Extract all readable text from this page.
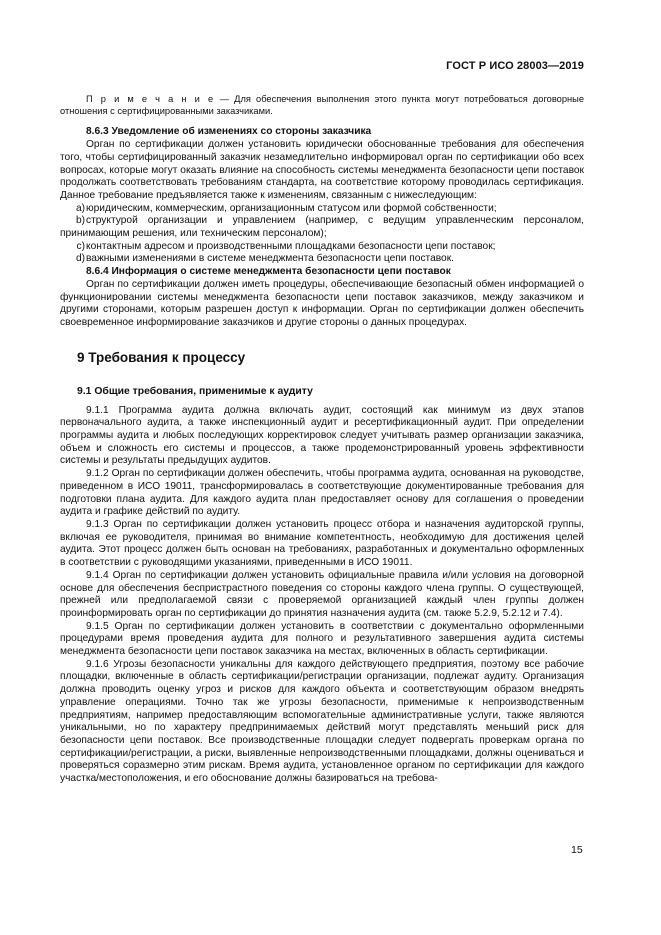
ГОСТ Р ИСО 28003—2019

П р и м е ч а н и е — Для обеспечения выполнения этого пункта могут потребоваться договорные отношения с сертифицированными заказчиками.

8.6.3 Уведомление об изменениях со стороны заказчика

Орган по сертификации должен установить юридически обоснованные требования для обеспечения того, чтобы сертифицированный заказчик незамедлительно информировал орган по сертификации обо всех вопросах, которые могут оказать влияние на способность системы менеджмента безопасности цепи поставок продолжать соответствовать требованиям стандарта, на соответствие которому проводилась сертификация. Данное требование предъявляется также к изменениям, связанным с нижеследующим:

a)юридическим, коммерческим, организационным статусом или формой собственности;
b)структурой организации и управлением (например, с ведущим управленческим персоналом, принимающим решения, или техническим персоналом);
c)контактным адресом и производственными площадками безопасности цепи поставок;
d)важными изменениями в системе менеджмента безопасности цепи поставок.
8.6.4 Информация о системе менеджмента безопасности цепи поставок

Орган по сертификации должен иметь процедуры, обеспечивающие безопасный обмен информацией о функционировании системы менеджмента безопасности цепи поставок заказчиков, между заказчиком и другими сторонами, которым разрешен доступ к информации. Орган по сертификации должен обеспечить своевременное информирование заказчиков и другие стороны о данных процедурах.

9 Требования к процессу
9.1 Общие требования, применимые к аудиту

9.1.1 Программа аудита должна включать аудит, состоящий как минимум из двух этапов первоначального аудита, а также инспекционный аудит и ресертификационный аудит. При определении программы аудита и любых последующих корректировок следует учитывать размер организации заказчика, объем и сложность его системы и процессов, а также продемонстрированный уровень эффективности системы и результаты предыдущих аудитов.

9.1.2 Орган по сертификации должен обеспечить, чтобы программа аудита, основанная на руководстве, приведенном в ИСО 19011, трансформировалась в соответствующие документированные требования для подготовки плана аудита. Для каждого аудита план предоставляет основу для соглашения о проведении аудита и графике действий по аудиту.

9.1.3 Орган по сертификации должен установить процесс отбора и назначения аудиторской группы, включая ее руководителя, принимая во внимание компетентность, необходимую для достижения целей аудита. Этот процесс должен быть основан на требованиях, разработанных и документально оформленных в соответствии с руководящими указаниями, приведенными в ИСО 19011.

9.1.4 Орган по сертификации должен установить официальные правила и/или условия на договорной основе для обеспечения беспристрастного поведения со стороны каждого члена группы. О существующей, прежней или предполагаемой связи с проверяемой организацией каждый член группы должен проинформировать орган по сертификации до принятия назначения аудита (см. также 5.2.9, 5.2.12 и 7.4).

9.1.5 Орган по сертификации должен установить в соответствии с документально оформленными процедурами время проведения аудита для полного и результативного завершения аудита системы менеджмента безопасности цепи поставок заказчика на местах, включенных в область сертификации.

9.1.6 Угрозы безопасности уникальны для каждого действующего предприятия, поэтому все рабочие площадки, включенные в область сертификации/регистрации организации, подлежат аудиту. Организация должна проводить оценку угроз и рисков для каждого объекта и соответствующим образом внедрять управление операциями. Точно так же угрозы безопасности, применимые к непроизводственным предприятиям, например предоставляющим вспомогательные административные услуги, также являются уникальными, но по характеру предпринимаемых действий могут представлять меньший риск для безопасности цепи поставок. Все производственные площадки следует подвергать проверкам органа по сертификации/регистрации, а риски, выявленные непроизводственными площадками, должны оцениваться и проверяться соразмерно этим рискам. Время аудита, установленное органом по сертификации для каждого участка/местоположения, и его обоснование должны базироваться на требова-

15
